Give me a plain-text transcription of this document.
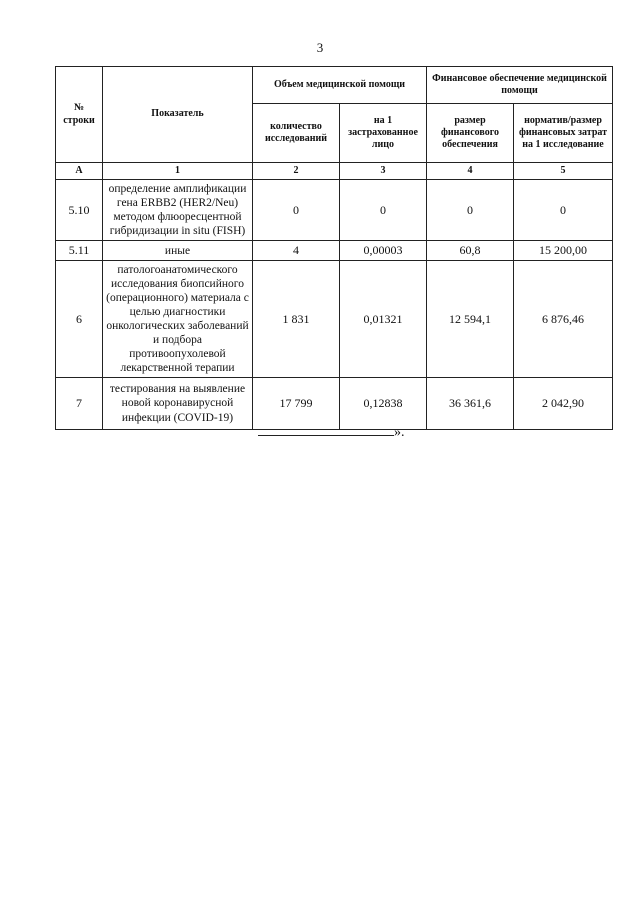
3
№ строки	Показатель	Объем медицинской помощи		Финансовое обеспечение медицинской помощи	
		количество исследований	на 1 застрахованное лицо	размер финансового обеспечения	норматив/размер финансовых затрат на 1 исследование
А	1	2	3	4	5
5.10	определение амплификации гена ERBB2 (HER2/Neu) методом флюоресцентной гибридизации in situ (FISH)	0	0	0	0
5.11	иные	4	0,00003	60,8	15 200,00
6	патологоанатомического исследования биопсийного (операционного) материала с целью диагностики онкологических заболеваний и подбора противоопухолевой лекарственной терапии	1 831	0,01321	12 594,1	6 876,46
7	тестирования на выявление новой коронавирусной инфекции (COVID-19)	17 799	0,12838	36 361,6	2 042,90
».
